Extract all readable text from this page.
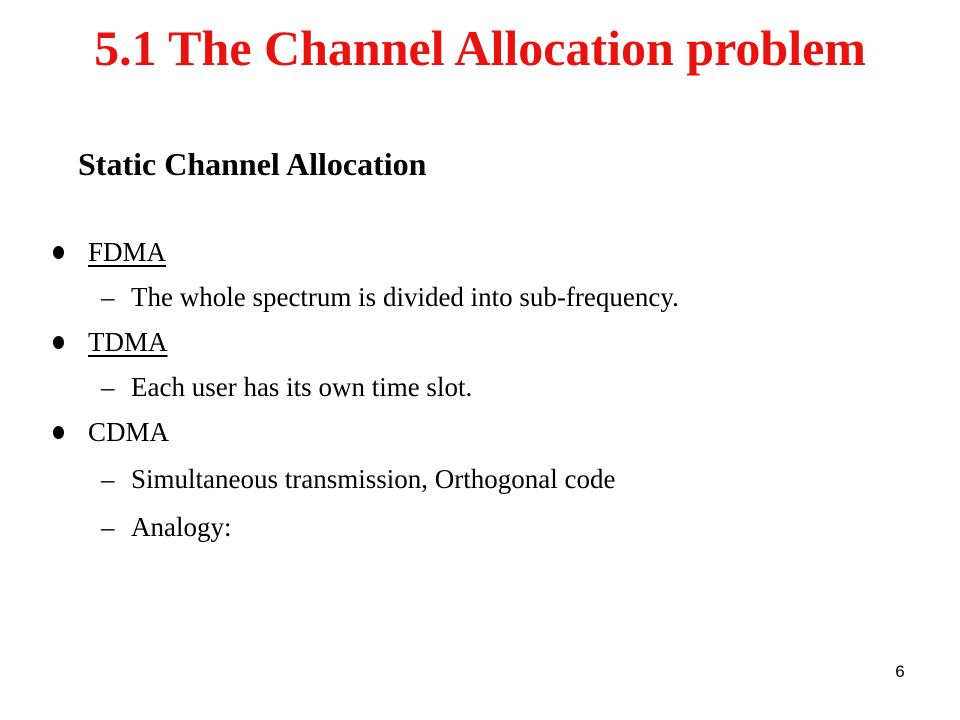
5.1 The Channel Allocation problem
Static Channel Allocation
FDMA
– The whole spectrum is divided into sub-frequency.
TDMA
– Each user has its own time slot.
CDMA
– Simultaneous transmission, Orthogonal code
– Analogy:
6
